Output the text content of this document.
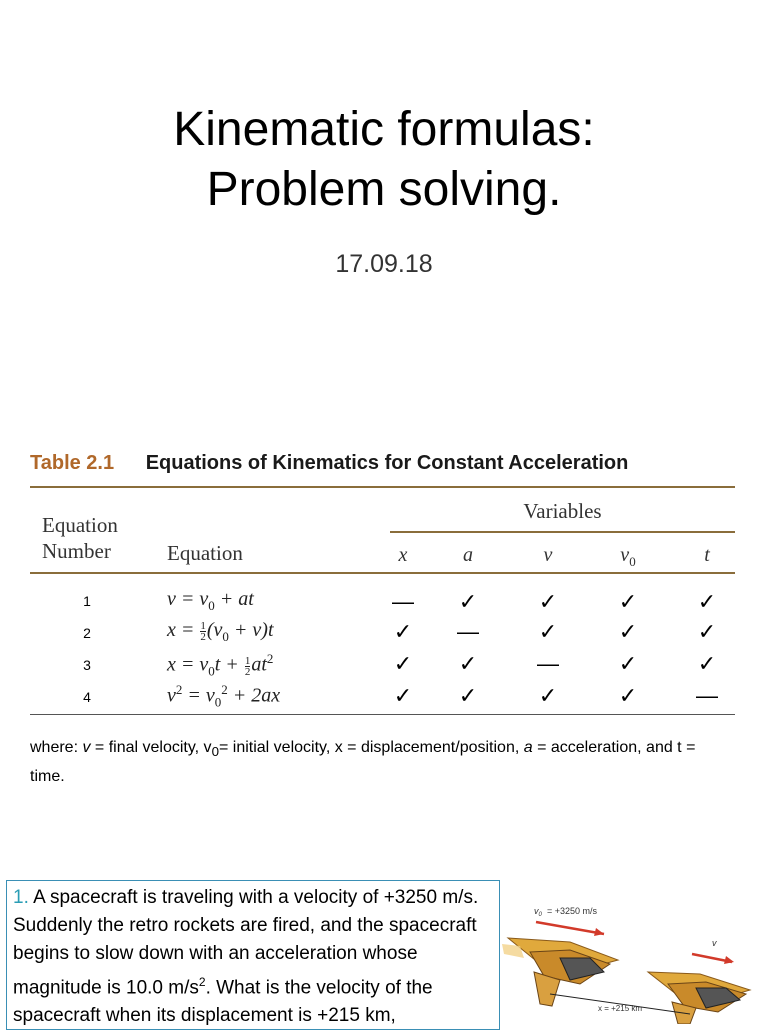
Kinematic formulas:
Problem solving.
17.09.18
Table 2.1 Equations of Kinematics for Constant Acceleration
Equation
Number	Equation
Variables
x	a	v	$v_0$	t
1	$v = v_0$ + at	—	✓	✓	✓	✓
2	$x = \frac{1}{2} (v_0 + v)t$	✓	—	✓	✓	✓
3	$x = v_0t + \frac{1}{2} at^2$	✓	✓	—	✓	✓
4	$v^2 = v_0^2 + 2ax$	✓	✓	✓	✓	—
where: v = final velocity, $v_0=$ initial velocity, x = displacement/position, a = acceleration, and t = time.
1. A spacecraft is traveling with a velocity of +3250 m/s. Suddenly the retro rockets are fired, and the spacecraft begins to slow down with an acceleration whose magnitude is 10.0 $m/s^2$. What is the velocity of the spacecraft when its displacement is +215 km,
$v_0 = +3250$ m/s
v
x = +215 km
